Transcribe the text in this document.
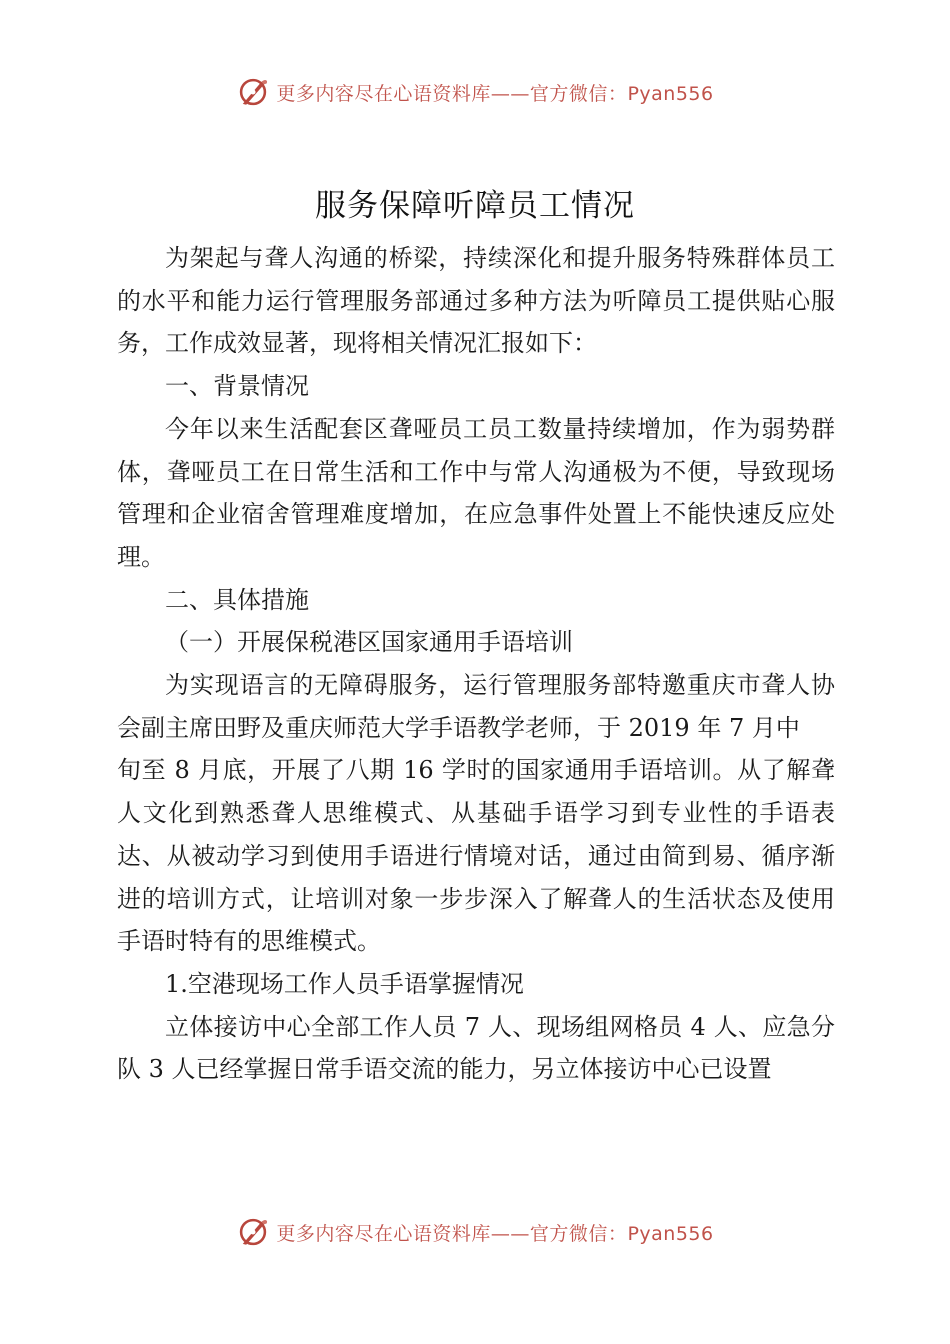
更多内容尽在心语资料库——官方微信：Pyan556
服务保障听障员工情况

为架起与聋人沟通的桥梁，持续深化和提升服务特殊群体员工的水平和能力运行管理服务部通过多种方法为听障员工提供贴心服务，工作成效显著，现将相关情况汇报如下：

一、背景情况

今年以来生活配套区聋哑员工员工数量持续增加，作为弱势群体，聋哑员工在日常生活和工作中与常人沟通极为不便，导致现场管理和企业宿舍管理难度增加，在应急事件处置上不能快速反应处理。

二、具体措施

（一）开展保税港区国家通用手语培训

为实现语言的无障碍服务，运行管理服务部特邀重庆市聋人协会副主席田野及重庆师范大学手语教学老师，于 2019 年 7 月中

旬至 8 月底，开展了八期 16 学时的国家通用手语培训。从了解聋人文化到熟悉聋人思维模式、从基础手语学习到专业性的手语表达、从被动学习到使用手语进行情境对话，通过由简到易、循序渐进的培训方式，让培训对象一步步深入了解聋人的生活状态及使用手语时特有的思维模式。

1.空港现场工作人员手语掌握情况

立体接访中心全部工作人员 7 人、现场组网格员 4 人、应急分队 3 人已经掌握日常手语交流的能力，另立体接访中心已设置

更多内容尽在心语资料库——官方微信：Pyan556
